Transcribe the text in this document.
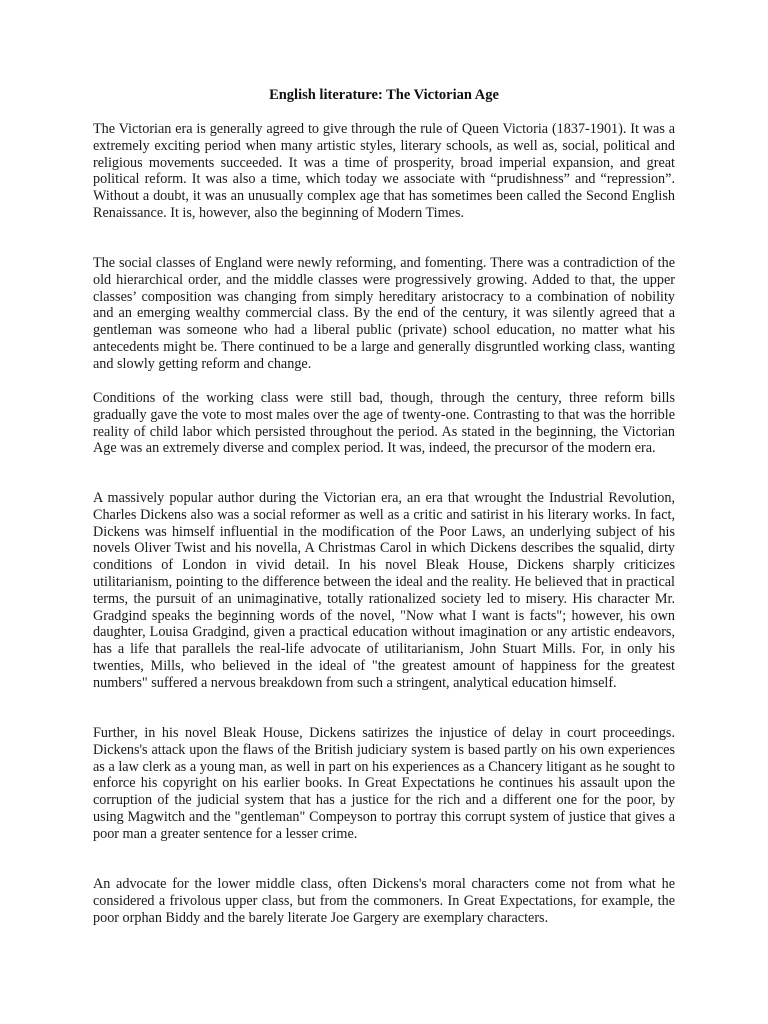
English literature: The Victorian Age

The Victorian era is generally agreed to give through the rule of Queen Victoria (1837-1901). It was a extremely exciting period when many artistic styles, literary schools, as well as, social, political and religious movements succeeded. It was a time of prosperity, broad imperial expansion, and great political reform. It was also a time, which today we associate with “prudishness” and “repression”. Without a doubt, it was an unusually complex age that has sometimes been called the Second English Renaissance. It is, however, also the beginning of Modern Times.

The social classes of England were newly reforming, and fomenting. There was a contradiction of the old hierarchical order, and the middle classes were progressively growing. Added to that, the upper classes’ composition was changing from simply hereditary aristocracy to a combination of nobility and an emerging wealthy commercial class. By the end of the century, it was silently agreed that a gentleman was someone who had a liberal public (private) school education, no matter what his antecedents might be. There continued to be a large and generally disgruntled working class, wanting and slowly getting reform and change.

Conditions of the working class were still bad, though, through the century, three reform bills gradually gave the vote to most males over the age of twenty-one. Contrasting to that was the horrible reality of child labor which persisted throughout the period. As stated in the beginning, the Victorian Age was an extremely diverse and complex period. It was, indeed, the precursor of the modern era.

A massively popular author during the Victorian era, an era that wrought the Industrial Revolution, Charles Dickens also was a social reformer as well as a critic and satirist in his literary works. In fact, Dickens was himself influential in the modification of the Poor Laws, an underlying subject of his novels Oliver Twist and his novella, A Christmas Carol in which Dickens describes the squalid, dirty conditions of London in vivid detail. In his novel Bleak House, Dickens sharply criticizes utilitarianism, pointing to the difference between the ideal and the reality. He believed that in practical terms, the pursuit of an unimaginative, totally rationalized society led to misery. His character Mr. Gradgind speaks the beginning words of the novel, "Now what I want is facts"; however, his own daughter, Louisa Gradgind, given a practical education without imagination or any artistic endeavors, has a life that parallels the real-life advocate of utilitarianism, John Stuart Mills. For, in only his twenties, Mills, who believed in the ideal of "the greatest amount of happiness for the greatest numbers" suffered a nervous breakdown from such a stringent, analytical education himself.

Further, in his novel Bleak House, Dickens satirizes the injustice of delay in court proceedings. Dickens's attack upon the flaws of the British judiciary system is based partly on his own experiences as a law clerk as a young man, as well in part on his experiences as a Chancery litigant as he sought to enforce his copyright on his earlier books. In Great Expectations he continues his assault upon the corruption of the judicial system that has a justice for the rich and a different one for the poor, by using Magwitch and the "gentleman" Compeyson to portray this corrupt system of justice that gives a poor man a greater sentence for a lesser crime.

An advocate for the lower middle class, often Dickens's moral characters come not from what he considered a frivolous upper class, but from the commoners. In Great Expectations, for example, the poor orphan Biddy and the barely literate Joe Gargery are exemplary characters.
